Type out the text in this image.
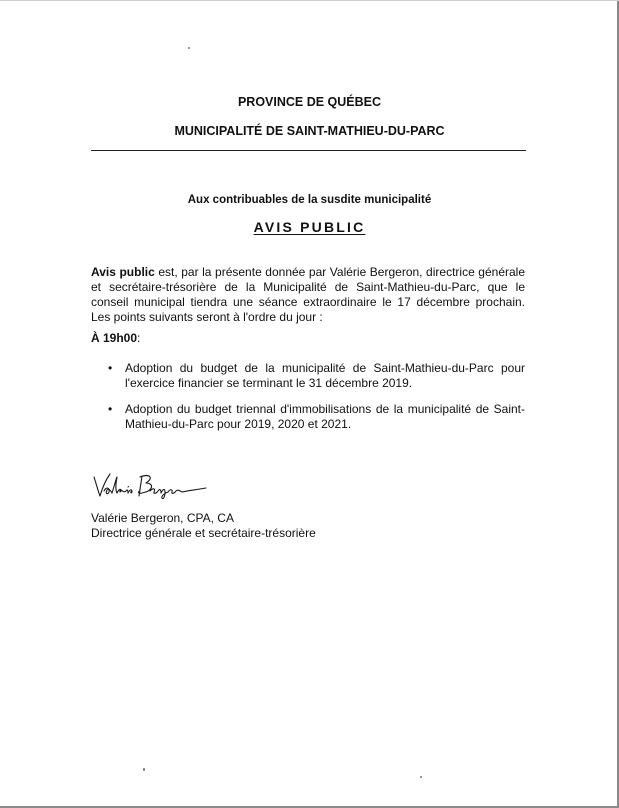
PROVINCE DE QUÉBEC
MUNICIPALITÉ DE SAINT-MATHIEU-DU-PARC
Aux contribuables de la susdite municipalité
AVIS PUBLIC
Avis public est, par la présente donnée par Valérie Bergeron, directrice générale et secrétaire-trésorière de la Municipalité de Saint-Mathieu-du-Parc, que le conseil municipal tiendra une séance extraordinaire le 17 décembre prochain. Les points suivants seront à l'ordre du jour :
À 19h00:
• Adoption du budget de la municipalité de Saint-Mathieu-du-Parc pour l'exercice financier se terminant le 31 décembre 2019.
• Adoption du budget triennal d'immobilisations de la municipalité de Saint-Mathieu-du-Parc pour 2019, 2020 et 2021.
Valérie Bergeron, CPA, CA
Directrice générale et secrétaire-trésorière
